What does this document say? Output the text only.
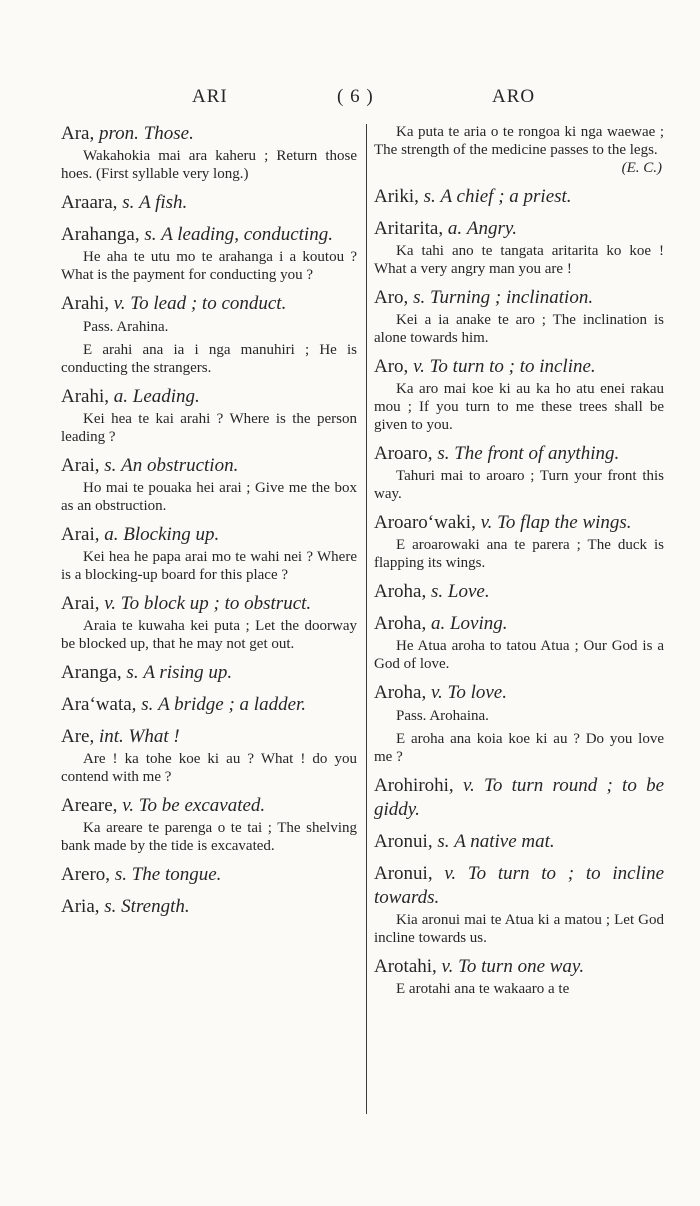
ARI	( 6 )	ARO
Ara, pron. Those.
Wakahokia mai ara kaheru ; Return those hoes. (First syllable very long.)
Araara, s. A fish.
Arahanga, s. A leading, conducting.
He aha te utu mo te arahanga i a koutou ? What is the payment for conducting you ?
Arahi, v. To lead ; to conduct.
Pass. Arahina.
E arahi ana ia i nga manuhiri ; He is conducting the strangers.
Arahi, a. Leading.
Kei hea te kai arahi ? Where is the person leading ?
Arai, s. An obstruction.
Ho mai te pouaka hei arai ; Give me the box as an obstruction.
Arai, a. Blocking up.
Kei hea he papa arai mo te wahi nei ? Where is a blocking-up board for this place ?
Arai, v. To block up ; to obstruct.
Araia te kuwaha kei puta ; Let the doorway be blocked up, that he may not get out.
Aranga, s. A rising up.
Ara‘wata, s. A bridge ; a ladder.
Are, int. What !
Are ! ka tohe koe ki au ? What ! do you contend with me ?
Areare, v. To be excavated.
Ka areare te parenga o te tai ; The shelving bank made by the tide is excavated.
Arero, s. The tongue.
Aria, s. Strength.
Ka puta te aria o te rongoa ki nga waewae ; The strength of the medicine passes to the legs.
(E. C.)
Ariki, s. A chief ; a priest.
Aritarita, a. Angry.
Ka tahi ano te tangata aritarita ko koe ! What a very angry man you are !
Aro, s. Turning ; inclination.
Kei a ia anake te aro ; The inclination is alone towards him.
Aro, v. To turn to ; to incline.
Ka aro mai koe ki au ka ho atu enei rakau mou ; If you turn to me these trees shall be given to you.
Aroaro, s. The front of anything.
Tahuri mai to aroaro ; Turn your front this way.
Aroaro‘waki, v. To flap the wings.
E aroarowaki ana te parera ; The duck is flapping its wings.
Aroha, s. Love.
Aroha, a. Loving.
He Atua aroha to tatou Atua ; Our God is a God of love.
Aroha, v. To love.
Pass. Arohaina.
E aroha ana koia koe ki au ? Do you love me ?
Arohirohi, v. To turn round ; to be giddy.
Aronui, s. A native mat.
Aronui, v. To turn to ; to incline towards.
Kia aronui mai te Atua ki a matou ; Let God incline towards us.
Arotahi, v. To turn one way.
E arotahi ana te wakaaro a te
